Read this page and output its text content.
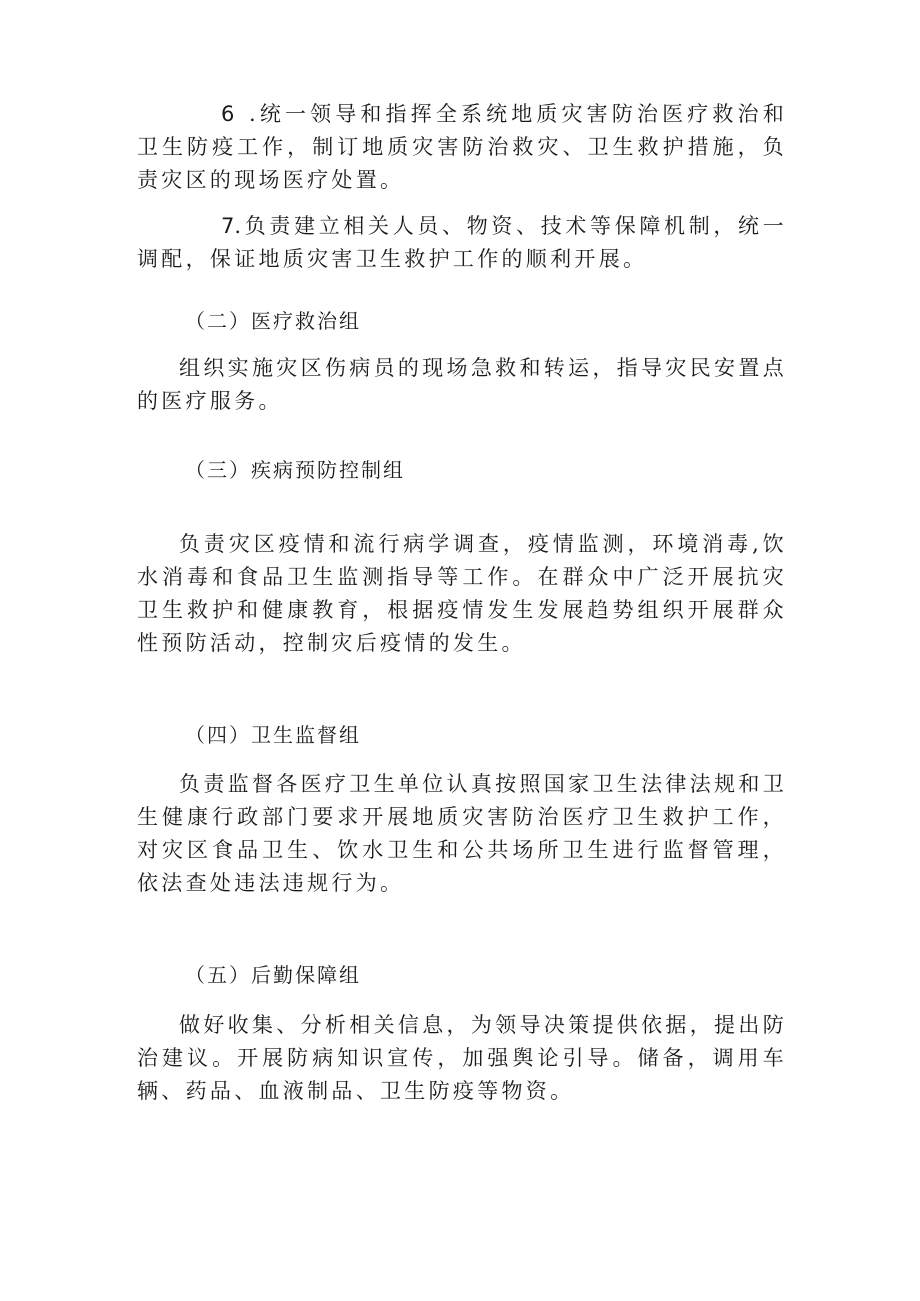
6 .统一领导和指挥全系统地质灾害防治医疗救治和卫生防疫工作，制订地质灾害防治救灾、卫生救护措施，负责灾区的现场医疗处置。

7.负责建立相关人员、物资、技术等保障机制，统一调配，保证地质灾害卫生救护工作的顺利开展。

（二）医疗救治组

组织实施灾区伤病员的现场急救和转运，指导灾民安置点的医疗服务。

（三）疾病预防控制组

负责灾区疫情和流行病学调查，疫情监测，环境消毒,饮水消毒和食品卫生监测指导等工作。在群众中广泛开展抗灾卫生救护和健康教育，根据疫情发生发展趋势组织开展群众性预防活动，控制灾后疫情的发生。

（四）卫生监督组

负责监督各医疗卫生单位认真按照国家卫生法律法规和卫生健康行政部门要求开展地质灾害防治医疗卫生救护工作，对灾区食品卫生、饮水卫生和公共场所卫生进行监督管理，依法查处违法违规行为。

（五）后勤保障组

做好收集、分析相关信息，为领导决策提供依据，提出防治建议。开展防病知识宣传，加强舆论引导。储备，调用车辆、药品、血液制品、卫生防疫等物资。
